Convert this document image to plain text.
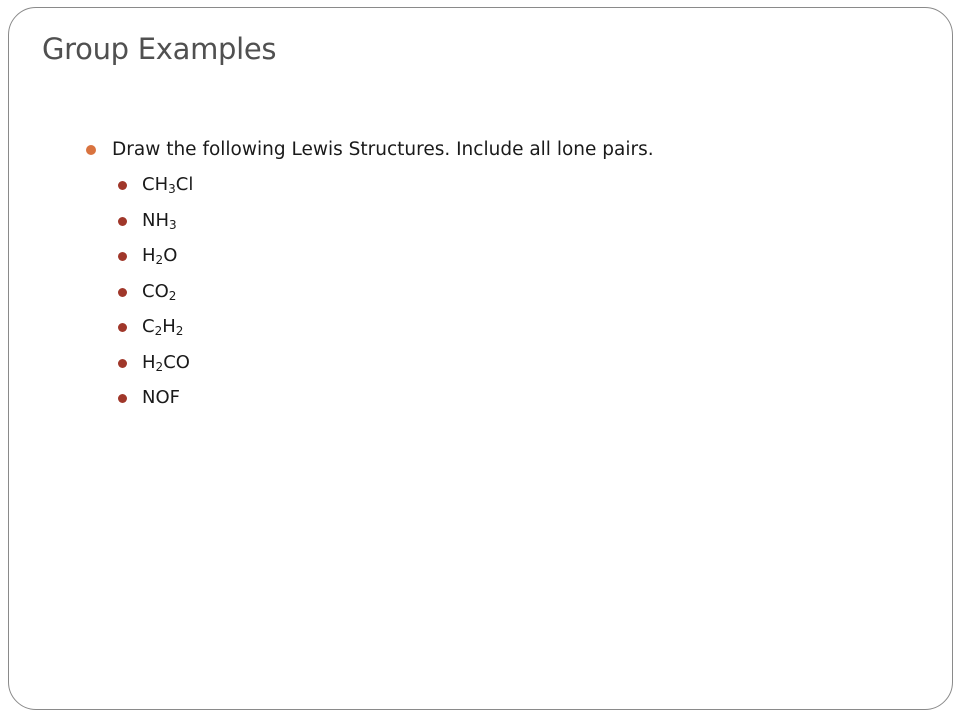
Group Examples
Draw the following Lewis Structures. Include all lone pairs.
$CH_3Cl$
$NH_3$
$H_2O$
$CO_2$
$C_2H_2$
$H_2CO$
NOF
